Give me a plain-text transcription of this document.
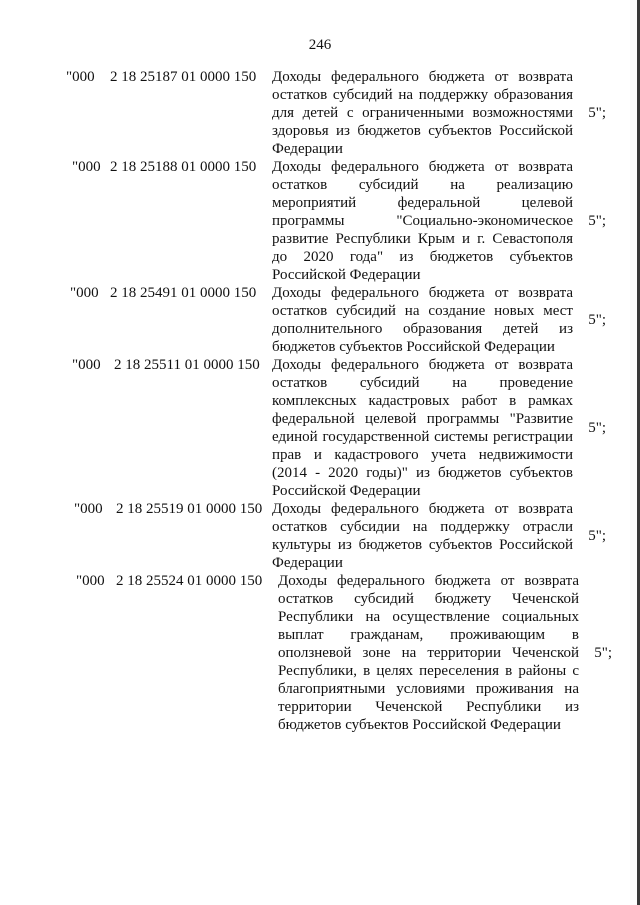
246
"000	2 18 25187 01 0000 150	Доходы федерального бюджета от возврата остатков субсидий на поддержку образования для детей с ограниченными возможностями здоровья из бюджетов субъектов Российской Федерации
5";
"000 2 18 25188 01 0000 150	Доходы федерального бюджета от возврата остатков субсидий на реализацию мероприятий федеральной целевой программы "Социально-экономическое развитие Республики Крым и г. Севастополя до 2020 года" из бюджетов субъектов Российской Федерации
5";
"000 2 18 25491 01 0000 150	Доходы федерального бюджета от возврата остатков субсидий на создание новых мест дополнительного образования детей из бюджетов субъектов Российской Федерации
5";
"000 2 18 25511 01 0000 150 Доходы федерального бюджета от возврата остатков субсидий на проведение комплексных кадастровых работ в рамках федеральной целевой программы "Развитие единой государственной системы регистрации прав и кадастрового учета недвижимости (2014 - 2020 годы)" из бюджетов субъектов Российской Федерации
5";
"000 2 18 25519 01 0000 150 Доходы федерального бюджета от возврата остатков субсидии на поддержку отрасли культуры из бюджетов субъектов Российской Федерации
5";
"000 2 18 25524 01 0000 150	Доходы федерального бюджета от возврата остатков субсидий бюджету Чеченской Республики на осуществление социальных выплат гражданам, проживающим в оползневой зоне на территории Чеченской Республики, в целях переселения в районы с благоприятными условиями проживания на территории Чеченской Республики из бюджетов субъектов Российской Федерации
5";
